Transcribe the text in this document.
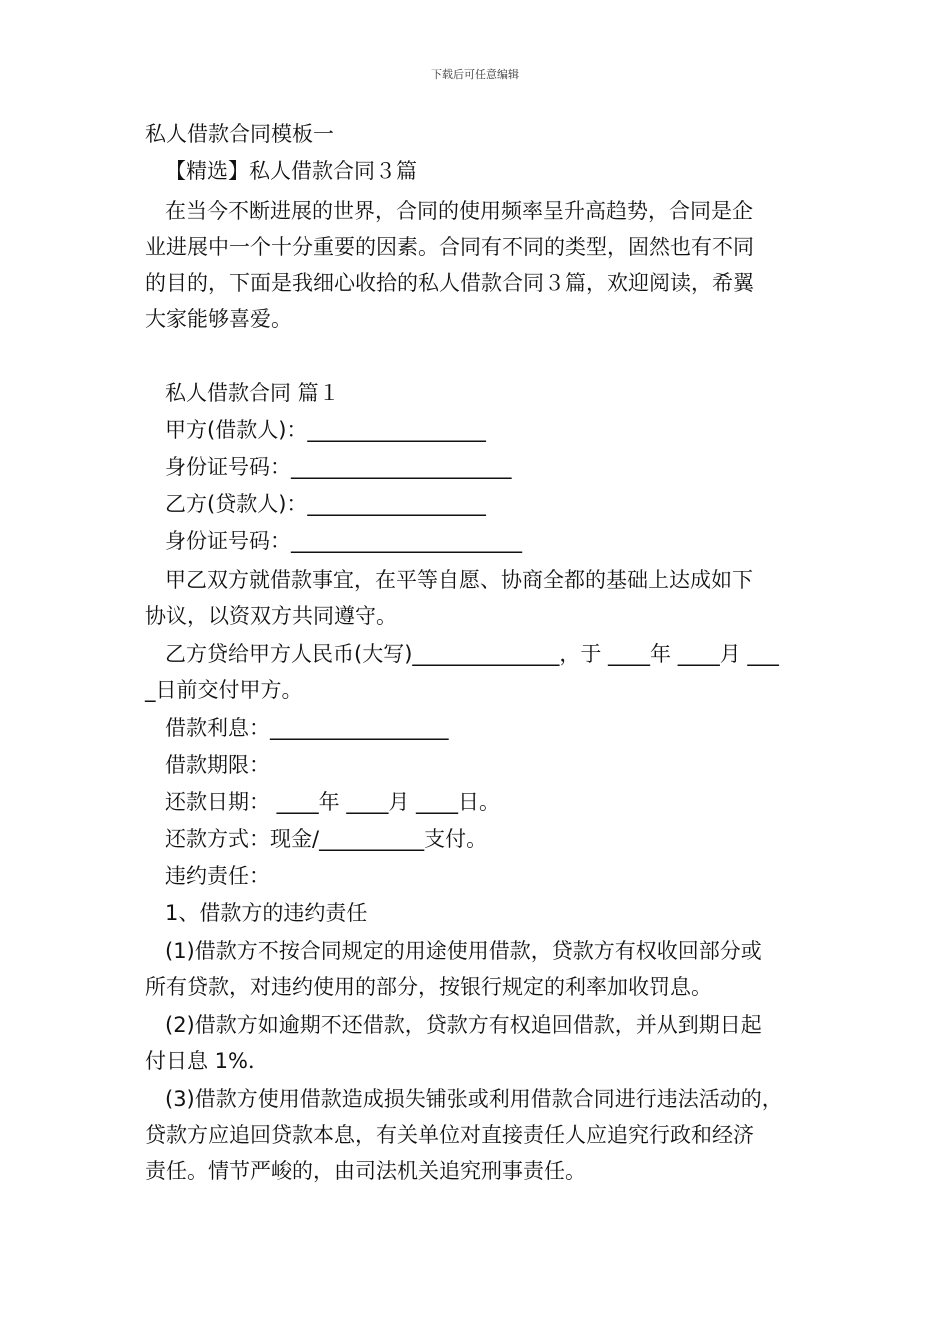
下载后可任意编辑
私人借款合同模板一
【精选】私人借款合同３篇
在当今不断进展的世界，合同的使用频率呈升高趋势，合同是企
业进展中一个十分重要的因素。合同有不同的类型，固然也有不同
的目的，下面是我细心收拾的私人借款合同３篇，欢迎阅读，希翼
大家能够喜爱。
私人借款合同 篇１
甲方(借款人)：_________________
身份证号码：_____________________
乙方(贷款人)：_________________
身份证号码：______________________
甲乙双方就借款事宜，在平等自愿、协商全都的基础上达成如下
协议，以资双方共同遵守。
乙方贷给甲方人民币(大写)______________，于 ____年 ____月 ___
_日前交付甲方。
借款利息：_________________
借款期限：
还款日期： ____年 ____月 ____日。
还款方式：现金/__________支付。
违约责任：
1、借款方的违约责任
(1)借款方不按合同规定的用途使用借款，贷款方有权收回部分或
所有贷款，对违约使用的部分，按银行规定的利率加收罚息。
(2)借款方如逾期不还借款，贷款方有权追回借款，并从到期日起
付日息 1%．
(3)借款方使用借款造成损失铺张或利用借款合同进行违法活动的，
贷款方应追回贷款本息，有关单位对直接责任人应追究行政和经济
责任。情节严峻的，由司法机关追究刑事责任。
